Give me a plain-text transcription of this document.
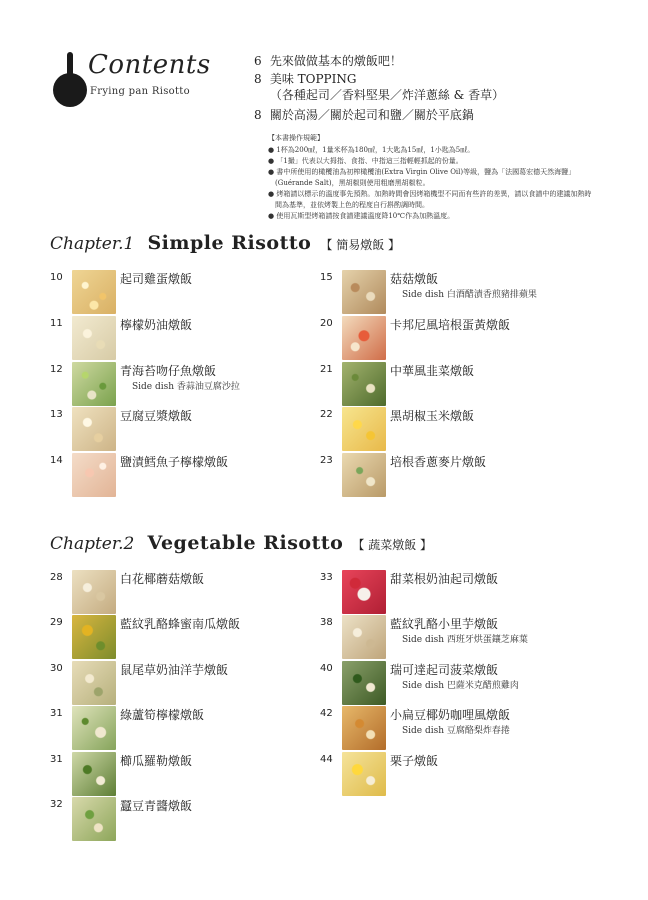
Contents
Frying pan Risotto
6 先來做做基本的燉飯吧！
8 美味 TOPPING
（各種起司／香料堅果／炸洋蔥絲 & 香草）
8 關於高湯／關於起司和鹽／關於平底鍋
【本書操作規範】
● 1杯為200㎖，1量米杯為180㎖，1大匙為15㎖，1小匙為5㎖。
● 「1撮」代表以大拇指、食指、中指這三指輕輕抓起的份量。
● 書中所使用的橄欖油為初榨橄欖油(Extra Virgin Olive Oil)等級，鹽為「法國葛宏德天然海鹽」(Guérande Salt)，黑胡椒則使用粗磨黑胡椒粒。
● 烤箱請以標示的溫度事先預熱。加熱時間會因烤箱機型不同而有些許的差異，請以食譜中的建議加熱時間為基準，並依烤製上色的程度自行斟酌調時間。
● 使用瓦斯型烤箱請按食譜建議溫度降10℃作為加熱溫度。
Chapter.1 Simple Risotto 【 簡易燉飯 】
10	起司雞蛋燉飯
11	檸檬奶油燉飯
12	青海苔吻仔魚燉飯
Side dish 香蒜油豆腐沙拉
13	豆腐豆漿燉飯
14	鹽漬鱈魚子檸檬燉飯
15	菇菇燉飯
Side dish 白酒醋漬香煎豬排蘋果
20	卡邦尼風培根蛋黃燉飯
21	中華風韭菜燉飯
22	黑胡椒玉米燉飯
23	培根香蔥麥片燉飯
Chapter.2 Vegetable Risotto 【 蔬菜燉飯 】
28	白花椰蘑菇燉飯
29	藍紋乳酪蜂蜜南瓜燉飯
30	鼠尾草奶油洋芋燉飯
31	綠蘆筍檸檬燉飯
31	櫛瓜羅勒燉飯
32	蠶豆青醬燉飯
33	甜菜根奶油起司燉飯
38	藍紋乳酪小里芋燉飯
Side dish 西班牙烘蛋鑲芝麻葉
40	瑞可達起司菠菜燉飯
Side dish 巴薩米克醋煎雞肉
42	小扁豆椰奶咖哩風燉飯
Side dish 豆腐酪梨炸春捲
44	栗子燉飯
